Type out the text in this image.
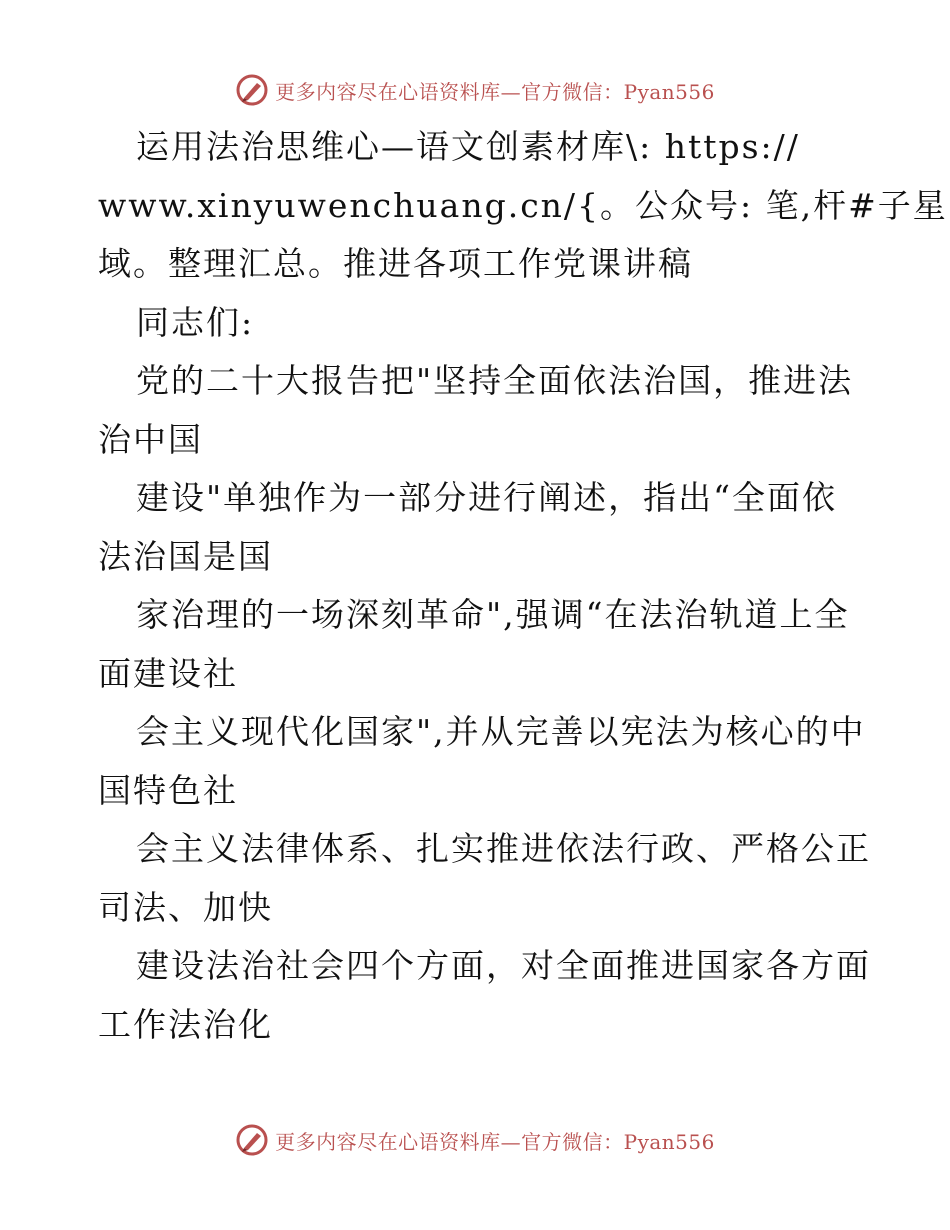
更多内容尽在心语资料库—官方微信：Pyan556
运用法治思维心—语文创素材库\: https://
www.xinyuwenchuang.cn/{。公众号: 笔,杆#子星
域。整理汇总。推进各项工作党课讲稿
同志们:
党的二十大报告把"坚持全面依法治国，推进法
治中国
建设"单独作为一部分进行阐述，指出“全面依
法治国是国
家治理的一场深刻革命",强调“在法治轨道上全
面建设社
会主义现代化国家",并从完善以宪法为核心的中
国特色社
会主义法律体系、扎实推进依法行政、严格公正
司法、加快
建设法治社会四个方面，对全面推进国家各方面
工作法治化
更多内容尽在心语资料库—官方微信：Pyan556
